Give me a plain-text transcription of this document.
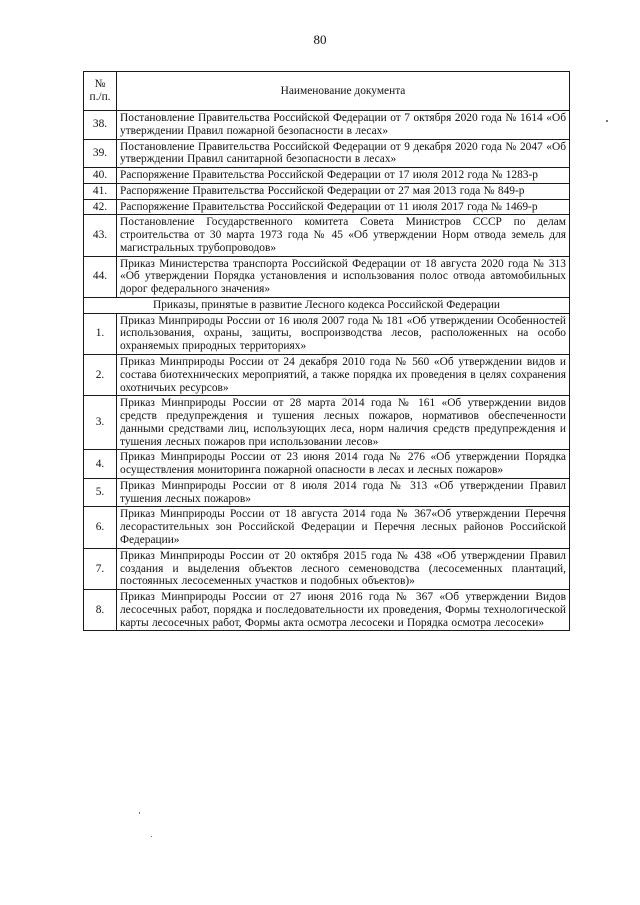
80
№
п./п.	Наименование документа
38.	Постановление Правительства Российской Федерации от 7 октября 2020 года № 1614 «Об утверждении Правил пожарной безопасности в лесах»
39.	Постановление Правительства Российской Федерации от 9 декабря 2020 года № 2047 «Об утверждении Правил санитарной безопасности в лесах»
40.	Распоряжение Правительства Российской Федерации от 17 июля 2012 года № 1283-р
41.	Распоряжение Правительства Российской Федерации от 27 мая 2013 года № 849-р
42.	Распоряжение Правительства Российской Федерации от 11 июля 2017 года № 1469-р
43.	Постановление Государственного комитета Совета Министров СССР по делам строительства от 30 марта 1973 года № 45 «Об утверждении Норм отвода земель для магистральных трубопроводов»
44.	Приказ Министерства транспорта Российской Федерации от 18 августа 2020 года № 313 «Об утверждении Порядка установления и использования полос отвода автомобильных дорог федерального значения»
Приказы, принятые в развитие Лесного кодекса Российской Федерации	
1.	Приказ Минприроды России от 16 июля 2007 года № 181 «Об утверждении Особенностей использования, охраны, защиты, воспроизводства лесов, расположенных на особо охраняемых природных территориях»
2.	Приказ Минприроды России от 24 декабря 2010 года № 560 «Об утверждении видов и состава биотехнических мероприятий, а также порядка их проведения в целях сохранения охотничьих ресурсов»
3.	Приказ Минприроды России от 28 марта 2014 года № 161 «Об утверждении видов средств предупреждения и тушения лесных пожаров, нормативов обеспеченности данными средствами лиц, использующих леса, норм наличия средств предупреждения и тушения лесных пожаров при использовании лесов»
4.	Приказ Минприроды России от 23 июня 2014 года № 276 «Об утверждении Порядка осуществления мониторинга пожарной опасности в лесах и лесных пожаров»
5.	Приказ Минприроды России от 8 июля 2014 года № 313 «Об утверждении Правил тушения лесных пожаров»
6.	Приказ Минприроды России от 18 августа 2014 года № 367«Об утверждении Перечня лесорастительных зон Российской Федерации и Перечня лесных районов Российской Федерации»
7.	Приказ Минприроды России от 20 октября 2015 года № 438 «Об утверждении Правил создания и выделения объектов лесного семеноводства (лесосеменных плантаций, постоянных лесосеменных участков и подобных объектов)»
8.	Приказ Минприроды России от 27 июня 2016 года № 367 «Об утверждении Видов лесосечных работ, порядка и последовательности их проведения, Формы технологической карты лесосечных работ, Формы акта осмотра лесосеки и Порядка осмотра лесосеки»
